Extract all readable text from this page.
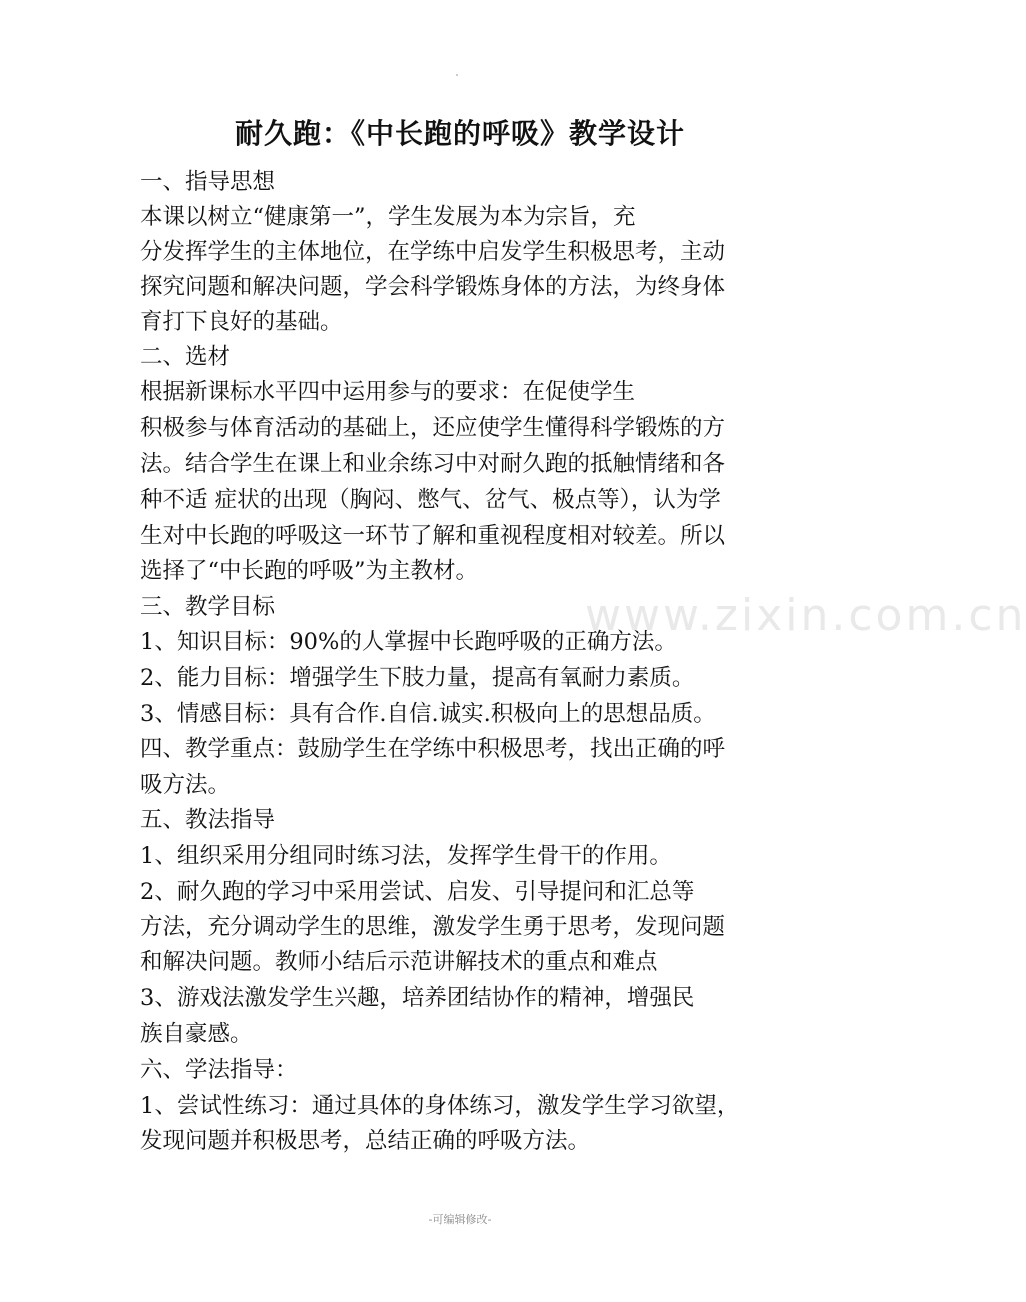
www.zixin.com.cn
耐久跑：《中长跑的呼吸》教学设计
一、指导思想
本课以树立“健康第一”，学生发展为本为宗旨，充
分发挥学生的主体地位，在学练中启发学生积极思考，主动
探究问题和解决问题，学会科学锻炼身体的方法，为终身体
育打下良好的基础。
二、选材
根据新课标水平四中运用参与的要求：在促使学生
积极参与体育活动的基础上，还应使学生懂得科学锻炼的方
法。结合学生在课上和业余练习中对耐久跑的抵触情绪和各
种不适 症状的出现（胸闷、憋气、岔气、极点等），认为学
生对中长跑的呼吸这一环节了解和重视程度相对较差。所以
选择了“中长跑的呼吸”为主教材。
三、教学目标
1、知识目标：90%的人掌握中长跑呼吸的正确方法。
2、能力目标：增强学生下肢力量，提高有氧耐力素质。
3、情感目标：具有合作.自信.诚实.积极向上的思想品质。
四、教学重点：鼓励学生在学练中积极思考，找出正确的呼
吸方法。
五、教法指导
1、组织采用分组同时练习法，发挥学生骨干的作用。
2、耐久跑的学习中采用尝试、启发、引导提问和汇总等
方法，充分调动学生的思维，激发学生勇于思考，发现问题
和解决问题。教师小结后示范讲解技术的重点和难点
3、游戏法激发学生兴趣，培养团结协作的精神，增强民
族自豪感。
六、学法指导：
1、尝试性练习：通过具体的身体练习，激发学生学习欲望，
发现问题并积极思考，总结正确的呼吸方法。
-可编辑修改-
